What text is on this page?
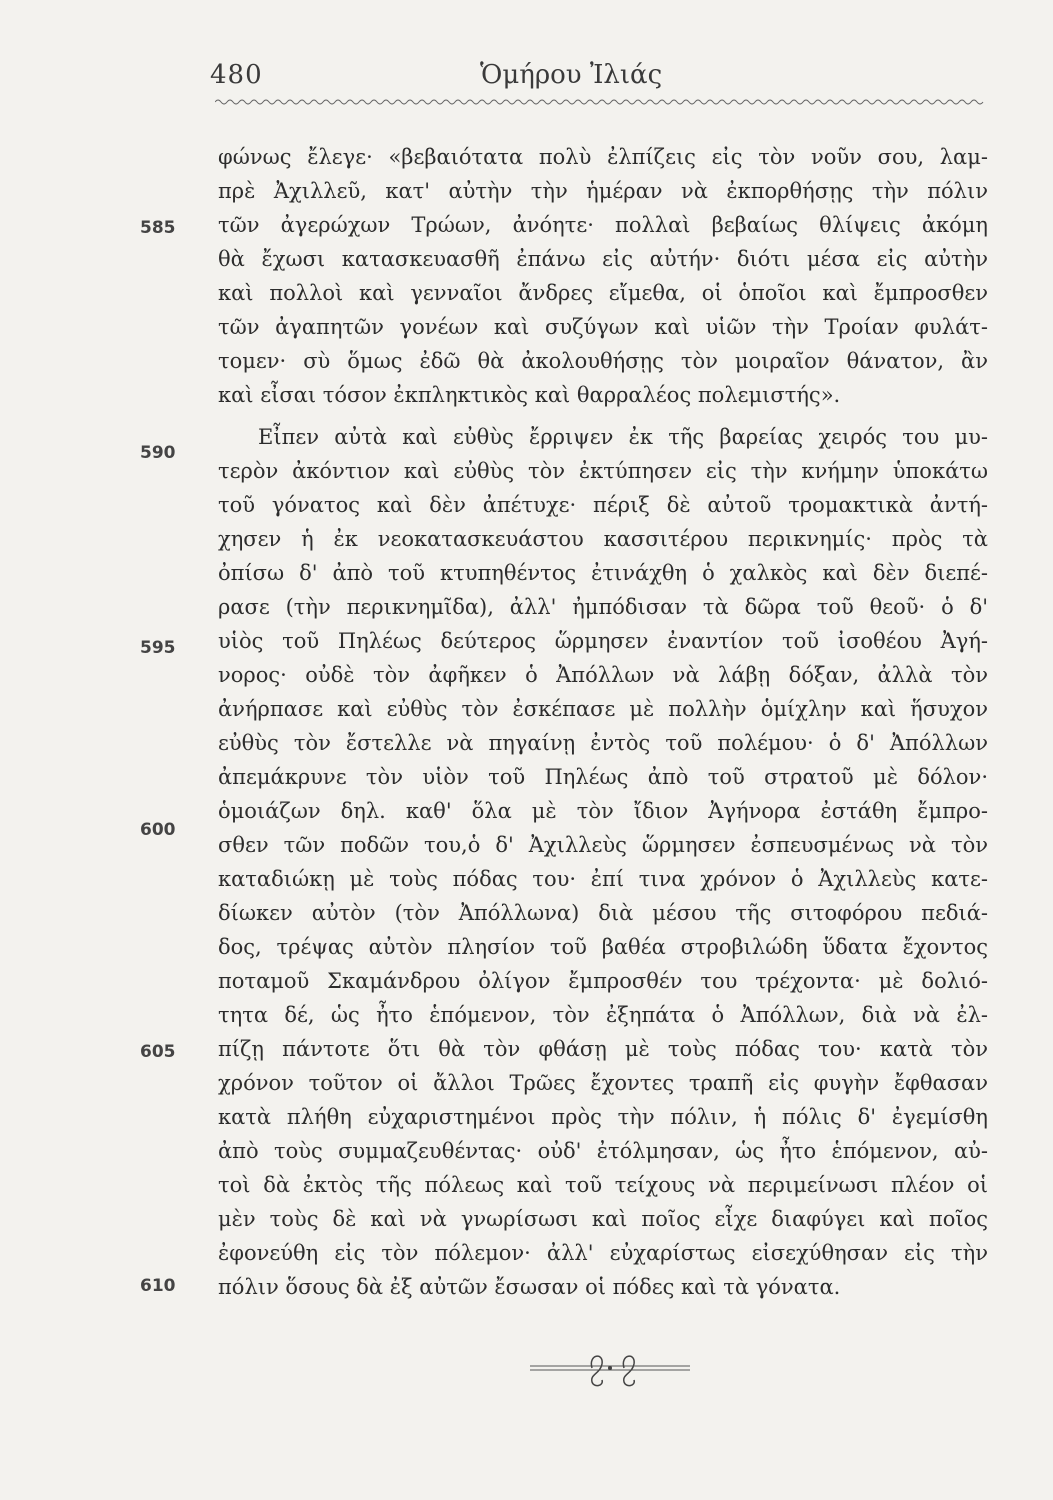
480	Ὁμήρου Ἰλιάς
585
590
595
600
605
610
φώνως ἔλεγε· «βεβαιότατα πολὺ ἐλπίζεις εἰς τὸν νοῦν σου, λαμ-
πρὲ Ἀχιλλεῦ, κατ' αὐτὴν τὴν ἡμέραν νὰ ἐκπορθήσῃς τὴν πόλιν
τῶν ἀγερώχων Τρώων, ἀνόητε· πολλαὶ βεβαίως θλίψεις ἀκόμη
θὰ ἔχωσι κατασκευασθῆ ἐπάνω εἰς αὐτήν· διότι μέσα εἰς αὐτὴν
καὶ πολλοὶ καὶ γενναῖοι ἄνδρες εἴμεθα, οἱ ὁποῖοι καὶ ἔμπροσθεν
τῶν ἀγαπητῶν γονέων καὶ συζύγων καὶ υἱῶν τὴν Τροίαν φυλάτ-
τομεν· σὺ ὅμως ἐδῶ θὰ ἀκολουθήσῃς τὸν μοιραῖον θάνατον, ἂν
καὶ εἶσαι τόσον ἐκπληκτικὸς καὶ θαρραλέος πολεμιστής».
Εἶπεν αὐτὰ καὶ εὐθὺς ἔρριψεν ἐκ τῆς βαρείας χειρός του μυ-
τερὸν ἀκόντιον καὶ εὐθὺς τὸν ἐκτύπησεν εἰς τὴν κνήμην ὑποκάτω
τοῦ γόνατος καὶ δὲν ἀπέτυχε· πέριξ δὲ αὐτοῦ τρομακτικὰ ἀντή-
χησεν ἡ ἐκ νεοκατασκευάστου κασσιτέρου περικνημίς· πρὸς τὰ
ὀπίσω δ' ἀπὸ τοῦ κτυπηθέντος ἐτινάχθη ὁ χαλκὸς καὶ δὲν διεπέ-
ρασε (τὴν περικνημῖδα), ἀλλ' ἠμπόδισαν τὰ δῶρα τοῦ θεοῦ· ὁ δ'
υἱὸς τοῦ Πηλέως δεύτερος ὥρμησεν ἐναντίον τοῦ ἰσοθέου Ἀγή-
νορος· οὐδὲ τὸν ἀφῆκεν ὁ Ἀπόλλων νὰ λάβῃ δόξαν, ἀλλὰ τὸν
ἀνήρπασε καὶ εὐθὺς τὸν ἐσκέπασε μὲ πολλὴν ὁμίχλην καὶ ἥσυχον
εὐθὺς τὸν ἔστελλε νὰ πηγαίνῃ ἐντὸς τοῦ πολέμου· ὁ δ' Ἀπόλλων
ἀπεμάκρυνε τὸν υἱὸν τοῦ Πηλέως ἀπὸ τοῦ στρατοῦ μὲ δόλον·
ὁμοιάζων δηλ. καθ' ὅλα μὲ τὸν ἴδιον Ἀγήνορα ἐστάθη ἔμπρο-
σθεν τῶν ποδῶν του,ὁ δ' Ἀχιλλεὺς ὥρμησεν ἐσπευσμένως νὰ τὸν
καταδιώκῃ μὲ τοὺς πόδας του· ἐπί τινα χρόνον ὁ Ἀχιλλεὺς κατε-
δίωκεν αὐτὸν (τὸν Ἀπόλλωνα) διὰ μέσου τῆς σιτοφόρου πεδιά-
δος, τρέψας αὐτὸν πλησίον τοῦ βαθέα στροβιλώδη ὕδατα ἔχοντος
ποταμοῦ Σκαμάνδρου ὀλίγον ἔμπροσθέν του τρέχοντα· μὲ δολιό-
τητα δέ, ὡς ἦτο ἑπόμενον, τὸν ἐξηπάτα ὁ Ἀπόλλων, διὰ νὰ ἐλ-
πίζῃ πάντοτε ὅτι θὰ τὸν φθάσῃ μὲ τοὺς πόδας του· κατὰ τὸν
χρόνον τοῦτον οἱ ἄλλοι Τρῶες ἔχοντες τραπῆ εἰς φυγὴν ἔφθασαν
κατὰ πλήθη εὐχαριστημένοι πρὸς τὴν πόλιν, ἡ πόλις δ' ἐγεμίσθη
ἀπὸ τοὺς συμμαζευθέντας· οὐδ' ἐτόλμησαν, ὡς ἦτο ἑπόμενον, αὐ-
τοὶ δὰ ἐκτὸς τῆς πόλεως καὶ τοῦ τείχους νὰ περιμείνωσι πλέον οἱ
μὲν τοὺς δὲ καὶ νὰ γνωρίσωσι καὶ ποῖος εἶχε διαφύγει καὶ ποῖος
ἐφονεύθη εἰς τὸν πόλεμον· ἀλλ' εὐχαρίστως εἰσεχύθησαν εἰς τὴν
πόλιν ὅσους δὰ ἐξ αὐτῶν ἔσωσαν οἱ πόδες καὶ τὰ γόνατα.
